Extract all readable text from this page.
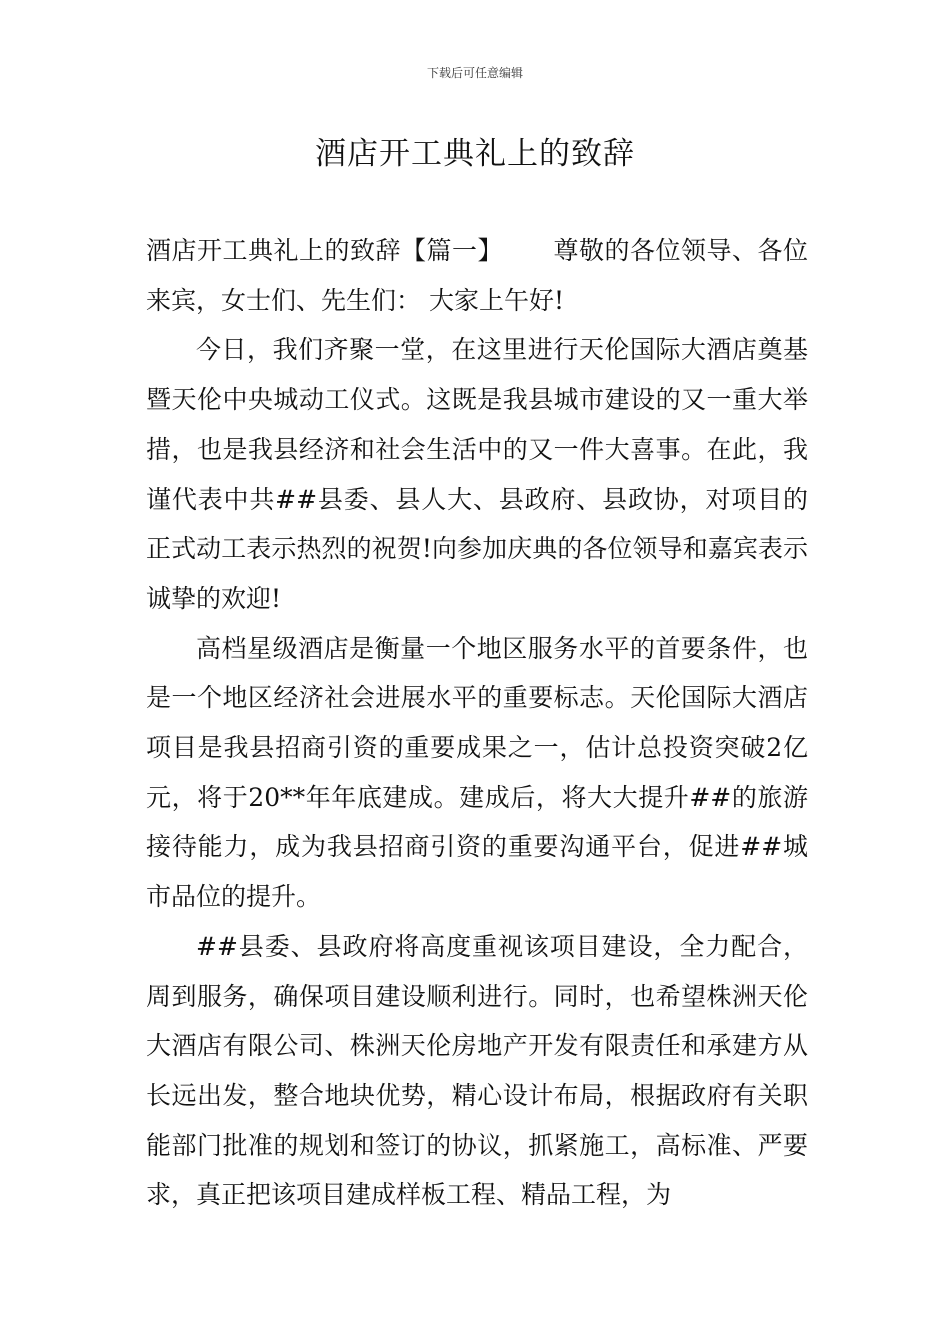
下载后可任意编辑
酒店开工典礼上的致辞

酒店开工典礼上的致辞【篇一】 尊敬的各位领导、各位来宾，女士们、先生们： 大家上午好!

今日，我们齐聚一堂，在这里进行天伦国际大酒店奠基暨天伦中央城动工仪式。这既是我县城市建设的又一重大举措，也是我县经济和社会生活中的又一件大喜事。在此，我谨代表中共##县委、县人大、县政府、县政协，对项目的正式动工表示热烈的祝贺!向参加庆典的各位领导和嘉宾表示诚挚的欢迎!

高档星级酒店是衡量一个地区服务水平的首要条件，也是一个地区经济社会进展水平的重要标志。天伦国际大酒店项目是我县招商引资的重要成果之一，估计总投资突破2亿元，将于20**年年底建成。建成后，将大大提升##的旅游接待能力，成为我县招商引资的重要沟通平台，促进##城市品位的提升。

##县委、县政府将高度重视该项目建设，全力配合，周到服务，确保项目建设顺利进行。同时，也希望株洲天伦大酒店有限公司、株洲天伦房地产开发有限责任和承建方从长远出发，整合地块优势，精心设计布局，根据政府有关职能部门批准的规划和签订的协议，抓紧施工，高标准、严要求，真正把该项目建成样板工程、精品工程，为
